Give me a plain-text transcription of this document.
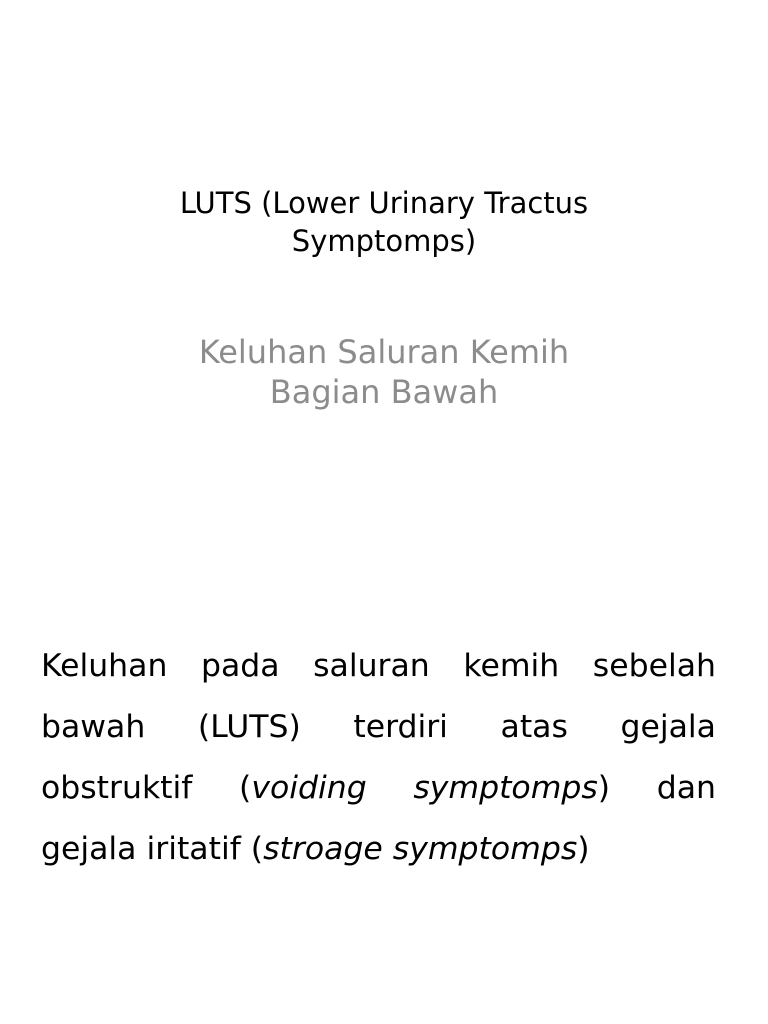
LUTS (Lower Urinary Tractus
Symptomps)
Keluhan Saluran Kemih
Bagian Bawah
Keluhan pada saluran kemih sebelah
bawah (LUTS) terdiri atas gejala
obstruktif (voiding symptomps) dan
gejala iritatif (stroage symptomps)
